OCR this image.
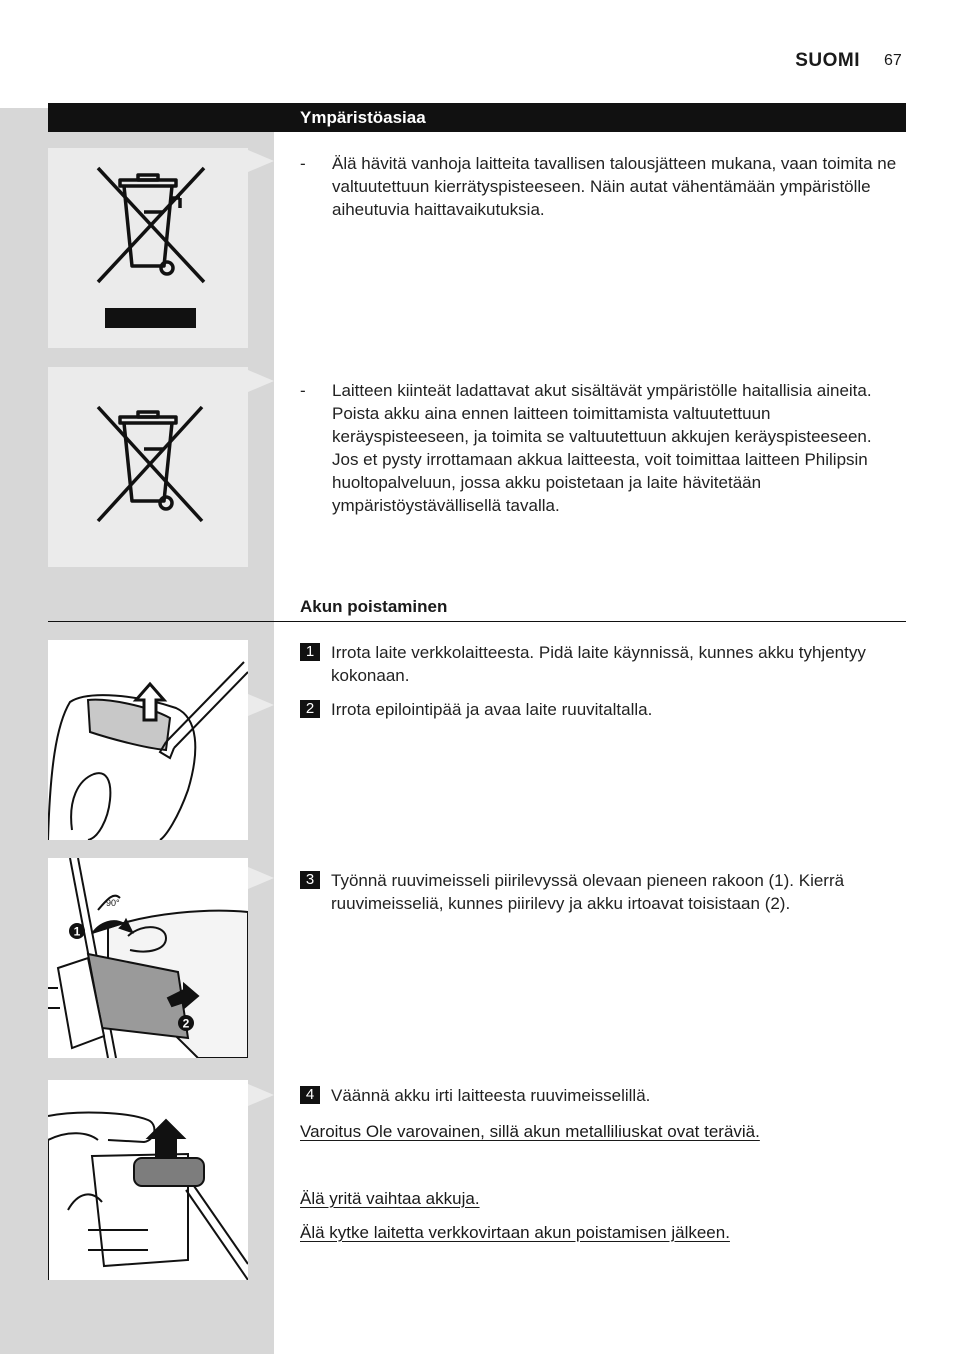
SUOMI 67
Ympäristöasiaa
-	Älä hävitä vanhoja laitteita tavallisen talousjätteen mukana, vaan toimita ne valtuutettuun kierrätyspisteeseen. Näin autat vähentämään ympäristölle aiheutuvia haittavaikutuksia.
-	Laitteen kiinteät ladattavat akut sisältävät ympäristölle haitallisia aineita. Poista akku aina ennen laitteen toimittamista valtuutettuun keräyspisteeseen, ja toimita se valtuutettuun akkujen keräyspisteeseen. Jos et pysty irrottamaan akkua laitteesta, voit toimittaa laitteen Philipsin huoltopalveluun, jossa akku poistetaan ja laite hävitetään ympäristöystävällisellä tavalla.
Akun poistaminen
1 Irrota laite verkkolaitteesta. Pidä laite käynnissä, kunnes akku tyhjentyy kokonaan.
2 Irrota epilointipää ja avaa laite ruuvitaltalla.
90°
1
2
3 Työnnä ruuvimeisseli piirilevyssä olevaan pieneen rakoon (1). Kierrä ruuvimeisseliä, kunnes piirilevy ja akku irtoavat toisistaan (2).
4 Väännä akku irti laitteesta ruuvimeisselillä.
Varoitus Ole varovainen, sillä akun metalliliuskat ovat teräviä.
Älä yritä vaihtaa akkuja.
Älä kytke laitetta verkkovirtaan akun poistamisen jälkeen.
